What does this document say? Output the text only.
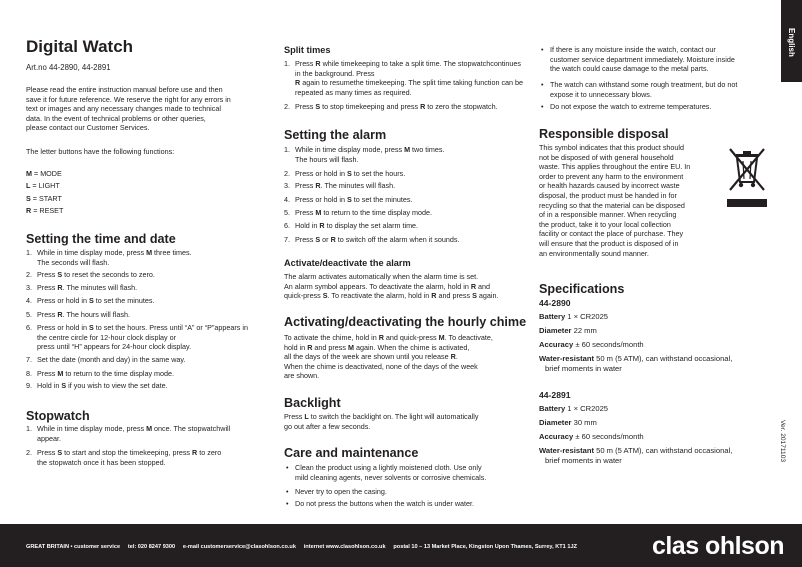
English
Digital Watch
Art.no 44-2890, 44-2891
Please read the entire instruction manual before use and then
save it for future reference. We reserve the right for any errors in
text or images and any necessary changes made to technical
data. In the event of technical problems or other queries,
please contact our Customer Services.
The letter buttons have the following functions:
M = MODE
L = LIGHT
S = START
R = RESET
Setting the time and date
1. While in time display mode, press M three times.
The seconds will flash.
2. Press S to reset the seconds to zero.
3. Press R. The minutes will flash.
4. Press or hold in S to set the minutes.
5. Press R. The hours will flash.
6. Press or hold in S to set the hours. Press until “A” or “P”appears in the centre circle for 12-hour clock display or
press until “H” appears for 24-hour clock display.
7. Set the date (month and day) in the same way.
8. Press M to return to the time display mode.
9. Hold in S if you wish to view the set date.
Stopwatch
1. While in time display mode, press M once. The stopwatchwill appear.
2. Press S to start and stop the timekeeping, press R to zero
the stopwatch once it has been stopped.
Split times
1. Press R while timekeeping to take a split time. The stopwatchcontinues in the background. Press
R again to resumethe timekeeping. The split time taking function can be
repeated as many times as required.
2. Press S to stop timekeeping and press R to zero the stopwatch.
Setting the alarm
1. While in time display mode, press M two times.
The hours will flash.
2. Press or hold in S to set the hours.
3. Press R. The minutes will flash.
4. Press or hold in S to set the minutes.
5. Press M to return to the time display mode.
6. Hold in R to display the set alarm time.
7. Press S or R to switch off the alarm when it sounds.
Activate/deactivate the alarm
The alarm activates automatically when the alarm time is set.
An alarm symbol appears. To deactivate the alarm, hold in R and
quick-press S. To reactivate the alarm, hold in R and press S again.
Activating/deactivating the hourly chime
To activate the chime, hold in R and quick-press M. To deactivate,
hold in R and press M again. When the chime is activated,
all the days of the week are shown until you release R.
When the chime is deactivated, none of the days of the week
are shown.
Backlight
Press L to switch the backlight on. The light will automatically
go out after a few seconds.
Care and maintenance
• Clean the product using a lightly moistened cloth. Use only
mild cleaning agents, never solvents or corrosive chemicals.
• Never try to open the casing.
• Do not press the buttons when the watch is under water.
• If there is any moisture inside the watch, contact our
customer service department immediately. Moisture inside
the watch could cause damage to the metal parts.
• The watch can withstand some rough treatment, but do not
expose it to unnecessary blows.
• Do not expose the watch to extreme temperatures.
Responsible disposal
This symbol indicates that this product should
not be disposed of with general household
waste. This applies throughout the entire EU. In
order to prevent any harm to the environment
or health hazards caused by incorrect waste
disposal, the product must be handed in for
recycling so that the material can be disposed
of in a responsible manner. When recycling
the product, take it to your local collection
facility or contact the place of purchase. They
will ensure that the product is disposed of in
an environmentally sound manner.
Specifications
44-2890
Battery 1 × CR2025
Diameter 22 mm
Accuracy ± 60 seconds/month
Water-resistant 50 m (5 ATM), can withstand occasional,
brief moments in water
44-2891
Battery 1 × CR2025
Diameter 30 mm
Accuracy ± 60 seconds/month
Water-resistant 50 m (5 ATM), can withstand occasional,
brief moments in water	Ver. 20171103
GREAT BRITAIN • customer service tel: 020 8247 9300 e-mail customerservice@clasohlson.co.uk internet www.clasohlson.co.uk postal 10 – 13 Market Place, Kingston Upon Thames, Surrey, KT1 1JZ	clas ohlson
